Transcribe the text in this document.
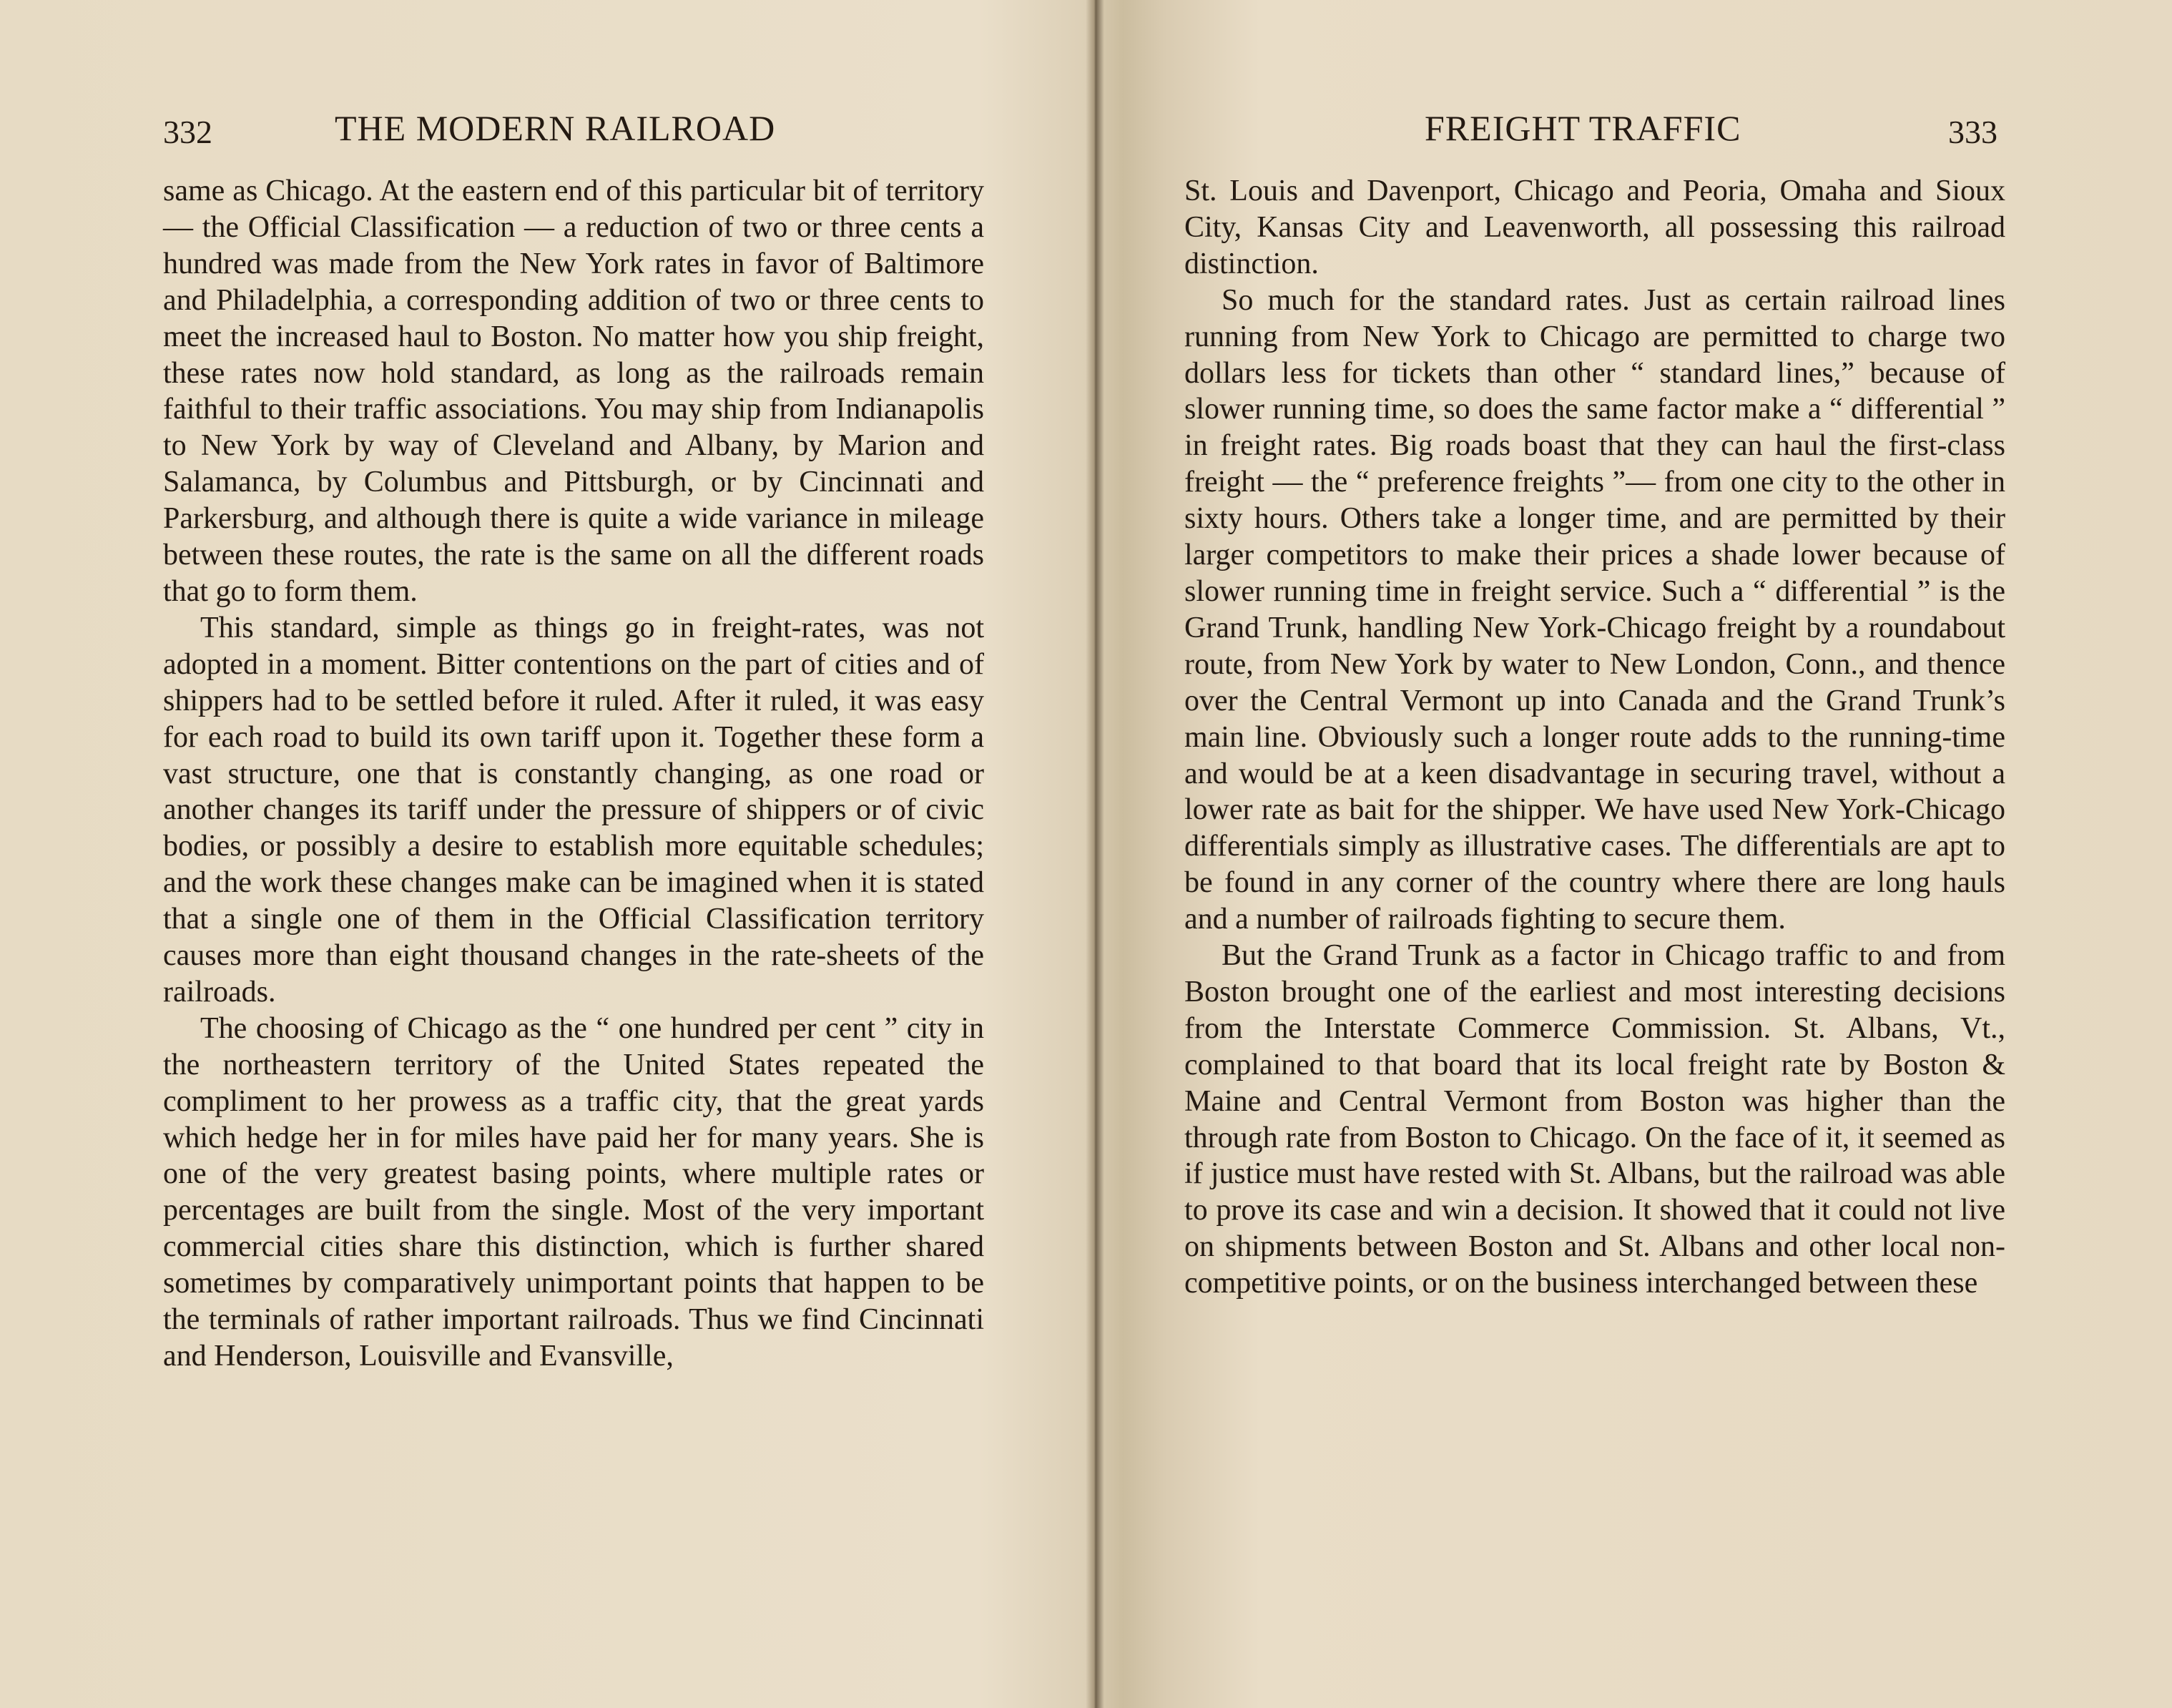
332	THE MODERN RAILROAD

same as Chicago. At the eastern end of this particular bit of territory — the Official Classification — a reduction of two or three cents a hundred was made from the New York rates in favor of Baltimore and Philadelphia, a corresponding addition of two or three cents to meet the increased haul to Boston. No matter how you ship freight, these rates now hold standard, as long as the railroads remain faithful to their traffic associations. You may ship from Indianapolis to New York by way of Cleveland and Albany, by Marion and Salamanca, by Columbus and Pittsburgh, or by Cincinnati and Parkersburg, and although there is quite a wide variance in mileage between these routes, the rate is the same on all the different roads that go to form them.

This standard, simple as things go in freight-rates, was not adopted in a moment. Bitter contentions on the part of cities and of shippers had to be settled before it ruled. After it ruled, it was easy for each road to build its own tariff upon it. Together these form a vast structure, one that is constantly changing, as one road or another changes its tariff under the pressure of shippers or of civic bodies, or possibly a desire to establish more equitable schedules; and the work these changes make can be imagined when it is stated that a single one of them in the Official Classification territory causes more than eight thousand changes in the rate-sheets of the railroads.

The choosing of Chicago as the “ one hundred per cent ” city in the northeastern territory of the United States repeated the compliment to her prowess as a traffic city, that the great yards which hedge her in for miles have paid her for many years. She is one of the very greatest basing points, where multiple rates or percentages are built from the single. Most of the very important commercial cities share this distinction, which is further shared sometimes by comparatively unimportant points that happen to be the terminals of rather important railroads. Thus we find Cincinnati and Henderson, Louisville and Evansville,

FREIGHT TRAFFIC	333

St. Louis and Davenport, Chicago and Peoria, Omaha and Sioux City, Kansas City and Leavenworth, all possessing this railroad distinction.

So much for the standard rates. Just as certain railroad lines running from New York to Chicago are permitted to charge two dollars less for tickets than other “ standard lines,” because of slower running time, so does the same factor make a “ differential ” in freight rates. Big roads boast that they can haul the first-class freight — the “ preference freights ”— from one city to the other in sixty hours. Others take a longer time, and are permitted by their larger competitors to make their prices a shade lower because of slower running time in freight service. Such a “ differential ” is the Grand Trunk, handling New York-Chicago freight by a roundabout route, from New York by water to New London, Conn., and thence over the Central Vermont up into Canada and the Grand Trunk’s main line. Obviously such a longer route adds to the running-time and would be at a keen disadvantage in securing travel, without a lower rate as bait for the shipper. We have used New York-Chicago differentials simply as illustrative cases. The differentials are apt to be found in any corner of the country where there are long hauls and a number of railroads fighting to secure them.

But the Grand Trunk as a factor in Chicago traffic to and from Boston brought one of the earliest and most interesting decisions from the Interstate Commerce Commission. St. Albans, Vt., complained to that board that its local freight rate by Boston & Maine and Central Vermont from Boston was higher than the through rate from Boston to Chicago. On the face of it, it seemed as if justice must have rested with St. Albans, but the railroad was able to prove its case and win a decision. It showed that it could not live on shipments between Boston and St. Albans and other local non-competitive points, or on the business interchanged between these
